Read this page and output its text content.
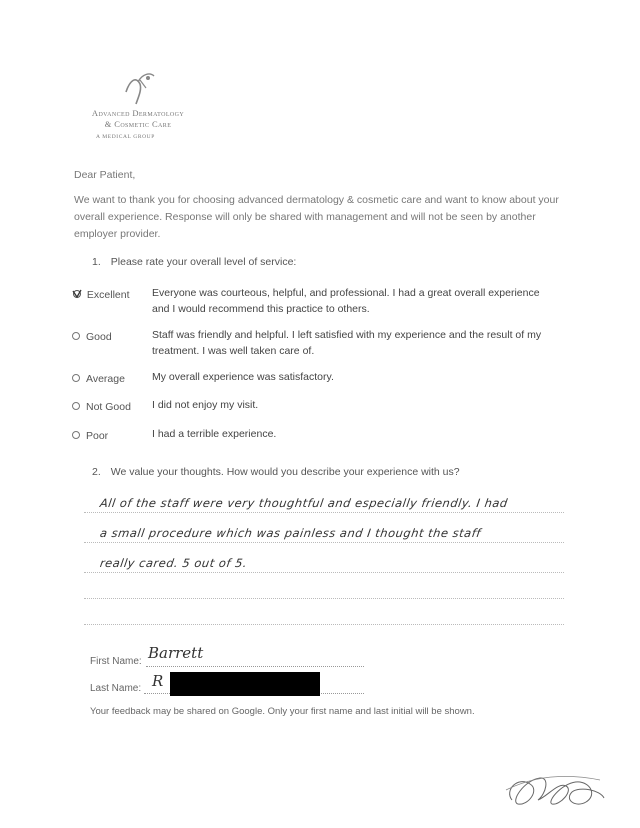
Advanced Dermatology
& Cosmetic Care
A MEDICAL GROUP
Dear Patient,
We want to thank you for choosing advanced dermatology & cosmetic care and want to know about your overall experience. Response will only be shared with management and will not be seen by another employer provider.
1. Please rate your overall level of service:
Excellent Everyone was courteous, helpful, and professional. I had a great overall experience and I would recommend this practice to others.
Good	Staff was friendly and helpful. I left satisfied with my experience and the result of my treatment. I was well taken care of.
Average	My overall experience was satisfactory.
Not Good I did not enjoy my visit.
Poor	I had a terrible experience.
2. We value your thoughts. How would you describe your experience with us?
All of the staff were very thoughtful and especially friendly. I had
a small procedure which was painless and I thought the staff
really cared. 5 out of 5.
First Name: Barrett
Last Name: R
Your feedback may be shared on Google. Only your first name and last initial will be shown.
